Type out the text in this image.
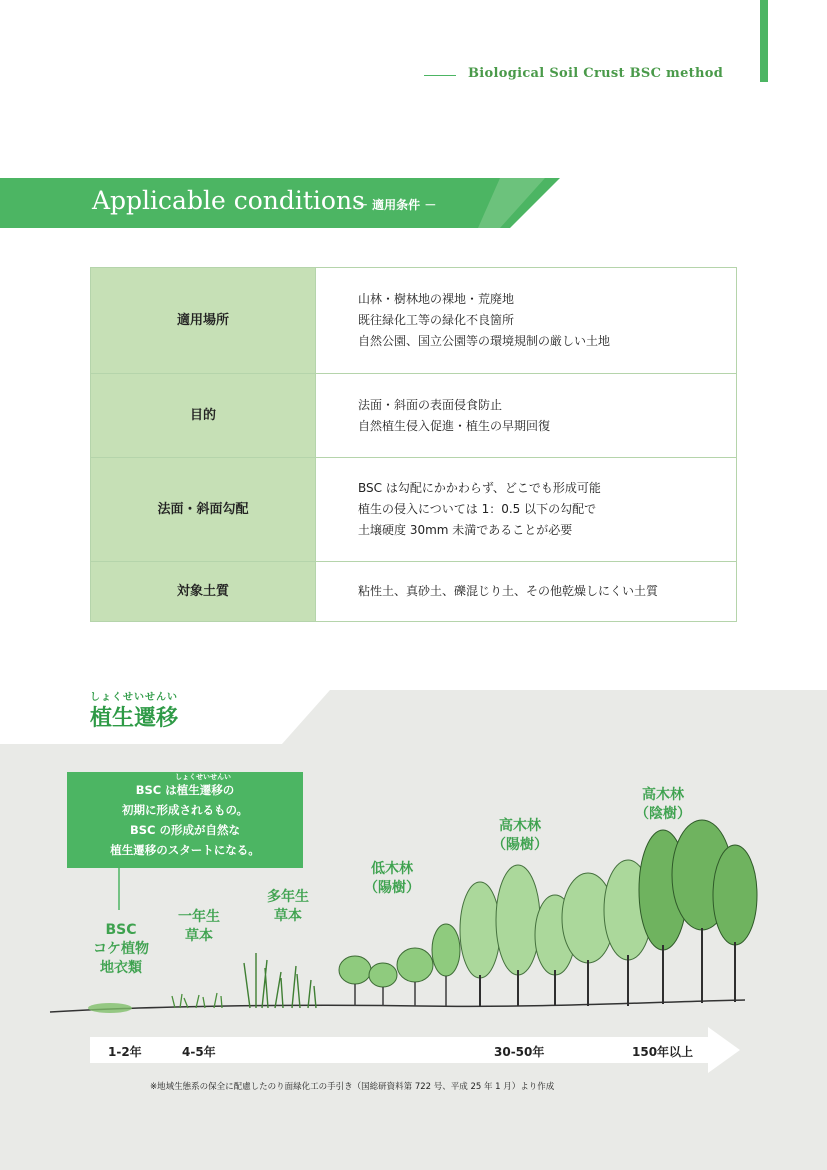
Biological Soil Crust BSC method
Applicable conditions
－ 適用条件 －
適用場所	山林・樹林地の裸地・荒廃地
既往緑化工等の緑化不良箇所
自然公園、国立公園等の環境規制の厳しい土地

目的	法面・斜面の表面侵食防止
自然植生侵入促進・植生の早期回復

法面・斜面勾配	BSC は勾配にかかわらず、どこでも形成可能
植生の侵入については 1：0.5 以下の勾配で
土壌硬度 30mm 未満であることが必要

対象土質	粘性土、真砂土、礫混じり土、その他乾燥しにくい土質
しょくせいせんい
植生遷移
しょくせいせんい
BSC は植生遷移の
初期に形成されるもの。
BSC の形成が自然な
植生遷移のスタートになる。
BSC
コケ植物
地衣類
一年生
草本
多年生
草本
低木林
（陽樹）
高木林
（陽樹）
高木林
（陰樹）
1-2年	4-5年	30-50年	150年以上
※地域生態系の保全に配慮したのり面緑化工の手引き（国総研資料第 722 号、平成 25 年 1 月）より作成
